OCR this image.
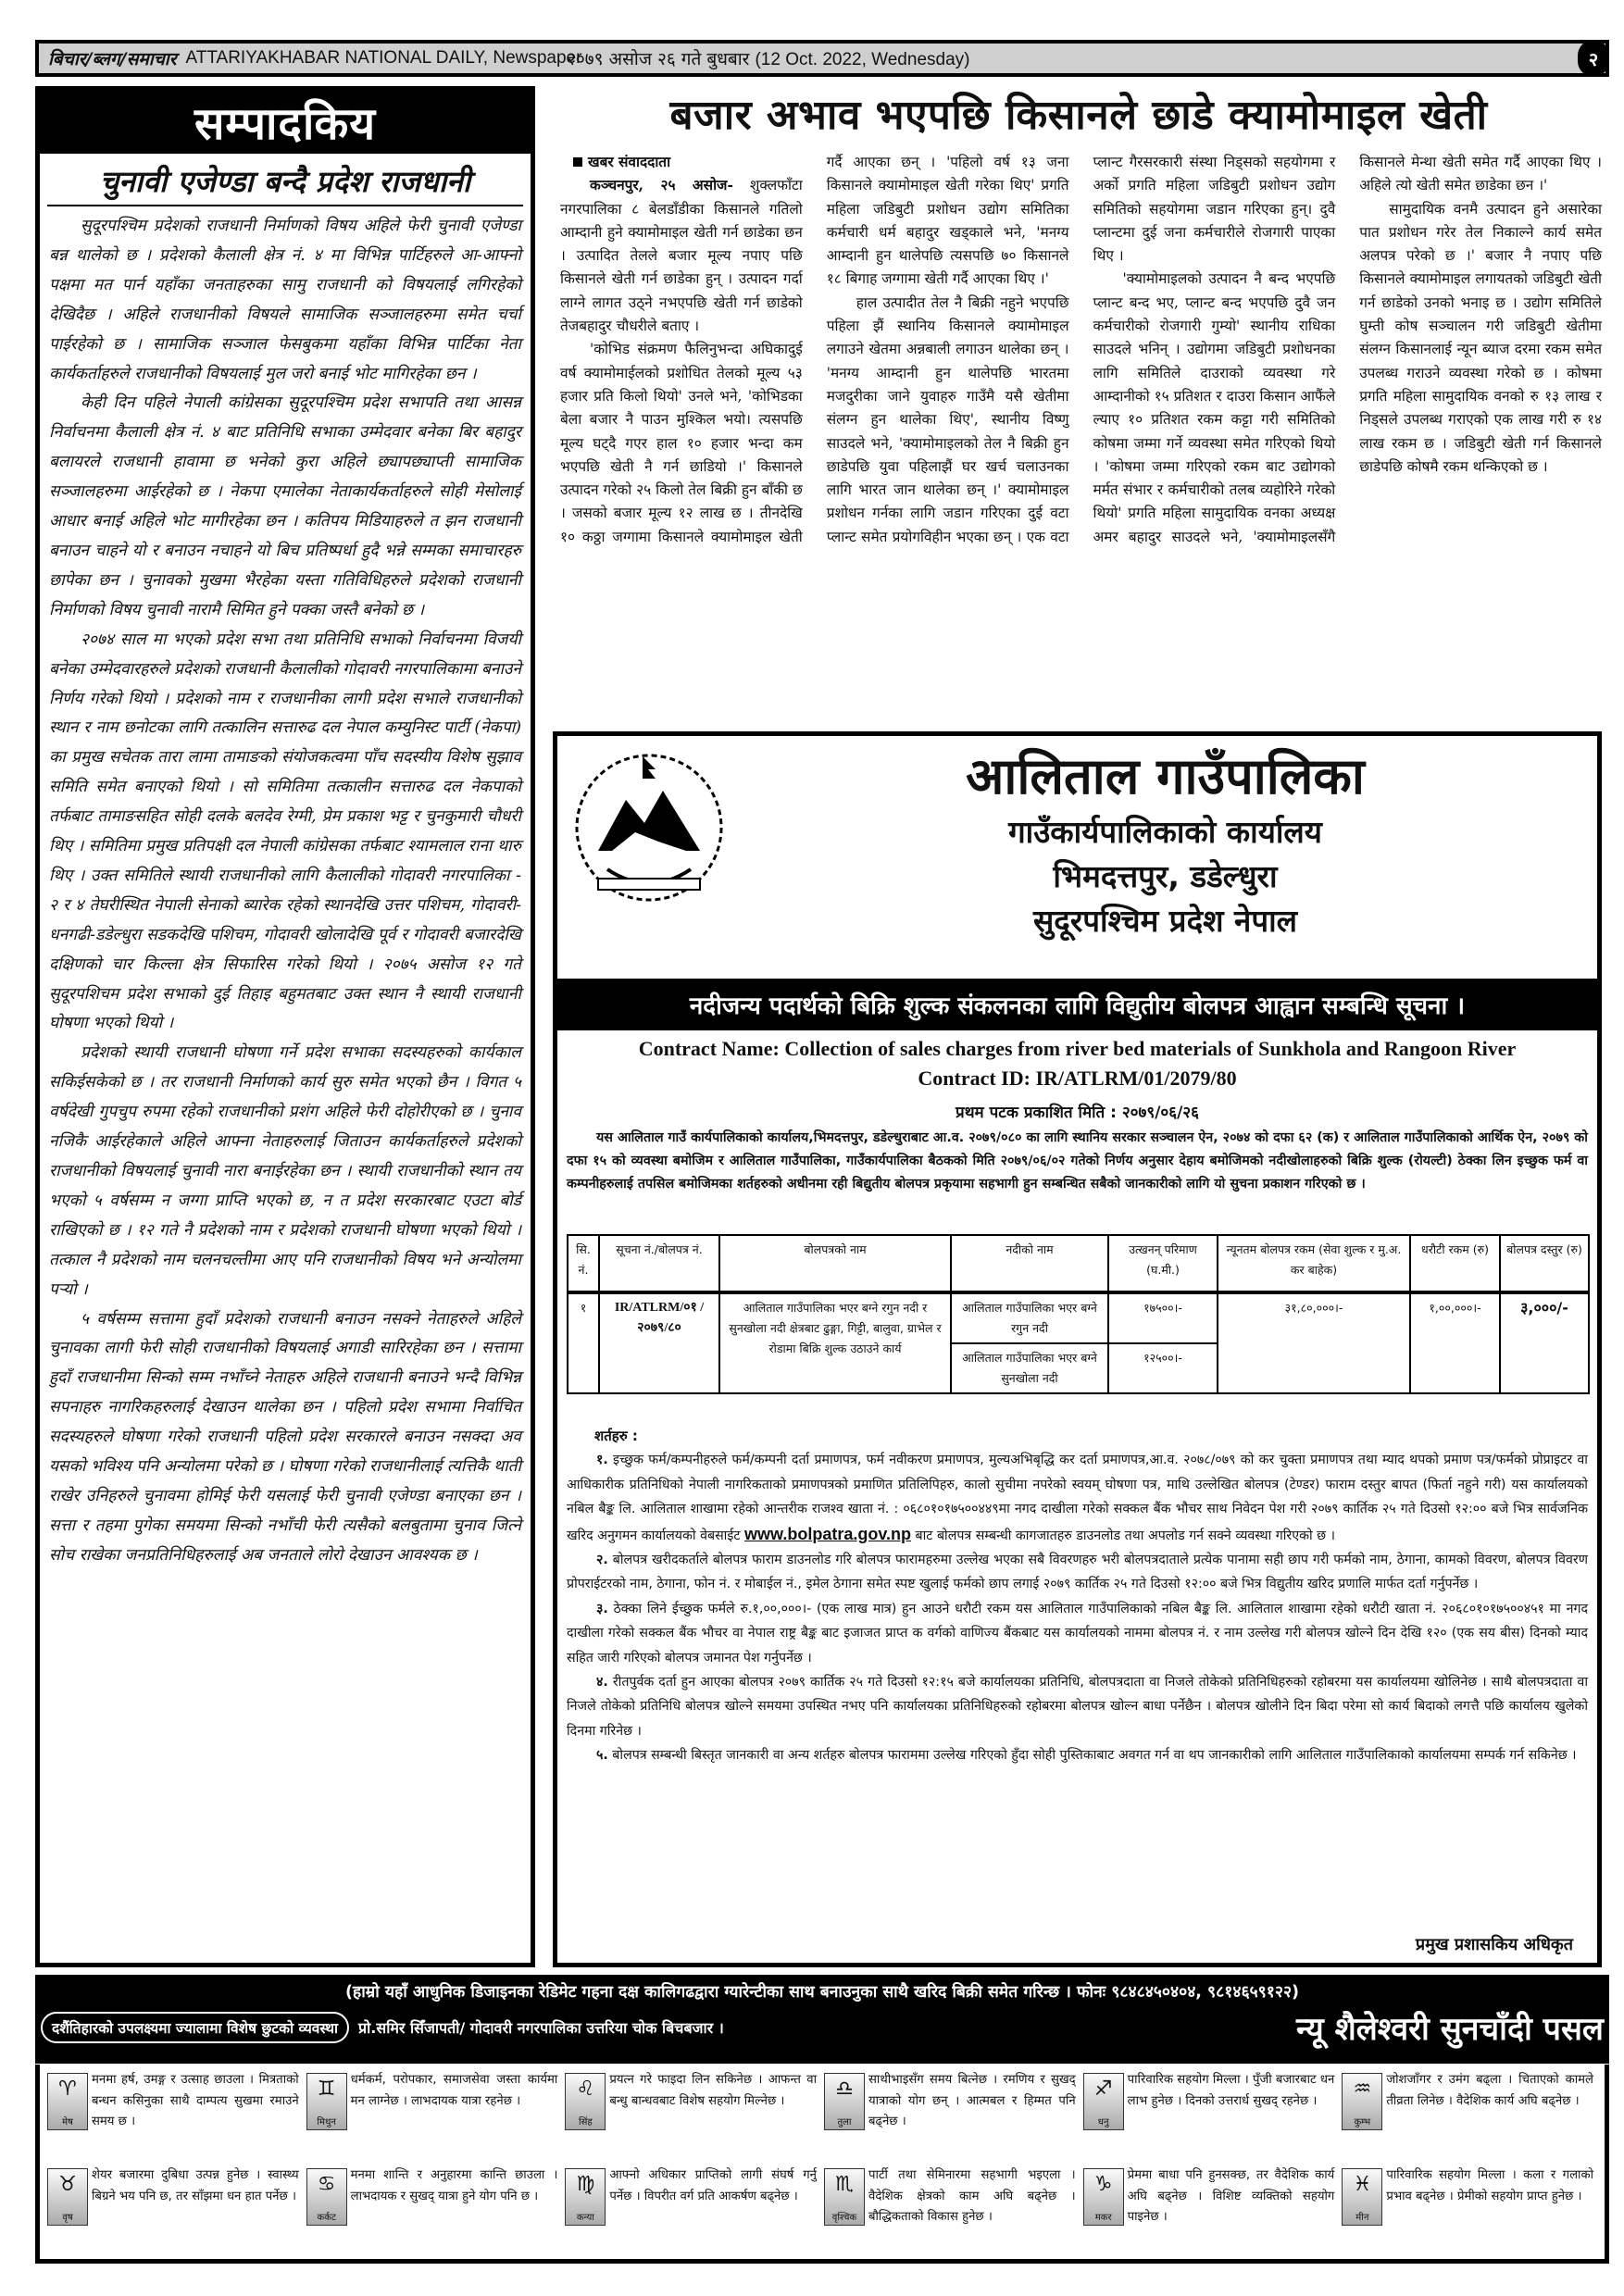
बिचार/ब्लग/समाचार ATTARIYAKHABAR NATIONAL DAILY, Newspaper
२०७९ असोज २६ गते बुधबार (12 Oct. 2022, Wednesday)	२
सम्पादकिय
चुनावी एजेण्डा बन्दै प्रदेश राजधानी

सुदूरपश्चिम प्रदेशको राजधानी निर्माणको विषय अहिले फेरी चुनावी एजेण्डा बन्न थालेको छ । प्रदेशको कैलाली क्षेत्र नं. ४ मा विभिन्न पार्टिहरुले आ-आफ्नो पक्षमा मत पार्न यहाँका जनताहरुका सामु राजधानी को विषयलाई लगिरहेको देखिदैछ । अहिले राजधानीको विषयले सामाजिक सञ्जालहरुमा समेत चर्चा पाईरहेको छ । सामाजिक सञ्जाल फेसबुकमा यहाँका विभिन्न पार्टिका नेता कार्यकर्ताहरुले राजधानीको विषयलाई मुल जरो बनाई भोट मागिरहेका छन ।

केही दिन पहिले नेपाली कांग्रेसका सुदूरपश्चिम प्रदेश सभापति तथा आसन्न निर्वाचनमा कैलाली क्षेत्र नं. ४ बाट प्रतिनिधि सभाका उम्मेदवार बनेका बिर बहादुर बलायरले राजधानी हावामा छ भनेको कुरा अहिले छ्यापछ्याप्ती सामाजिक सञ्जालहरुमा आईरहेको छ । नेकपा एमालेका नेताकार्यकर्ताहरुले सोही मेसोलाई आधार बनाई अहिले भोट मागीरहेका छन । कतिपय मिडियाहरुले त झन राजधानी बनाउन चाहने यो र बनाउन नचाहने यो बिच प्रतिष्पर्धा हुदै भन्ने सम्मका समाचारहरु छापेका छन । चुनावको मुखमा भैरहेका यस्ता गतिविधिहरुले प्रदेशको राजधानी निर्माणको विषय चुनावी नारामै सिमित हुने पक्का जस्तै बनेको छ ।

२०७४ साल मा भएको प्रदेश सभा तथा प्रतिनिधि सभाको निर्वाचनमा विजयी बनेका उम्मेदवारहरुले प्रदेशको राजधानी कैलालीको गोदावरी नगरपालिकामा बनाउने निर्णय गरेको थियो । प्रदेशको नाम र राजधानीका लागी प्रदेश सभाले राजधानीको स्थान र नाम छनोटका लागि तत्कालिन सत्तारुढ दल नेपाल कम्युनिस्ट पार्टी (नेकपा) का प्रमुख सचेतक तारा लामा तामाङको संयोजकत्वमा पाँच सदस्यीय विशेष सुझाव समिति समेत बनाएको थियो । सो समितिमा तत्कालीन सत्तारुढ दल नेकपाको तर्फबाट तामाङसहित सोही दलके बलदेव रेग्मी, प्रेम प्रकाश भट्ट र चुनकुमारी चौधरी थिए । समितिमा प्रमुख प्रतिपक्षी दल नेपाली कांग्रेसका तर्फबाट श्यामलाल राना थारु थिए । उक्त समितिले स्थायी राजधानीको लागि कैलालीको गोदावरी नगरपालिका - २ र ४ तेघरीस्थित नेपाली सेनाको ब्यारेक रहेको स्थानदेखि उत्तर पशिचम, गोदावरी-धनगढी-डडेल्धुरा सडकदेखि पशिचम, गोदावरी खोलादेखि पूर्व र गोदावरी बजारदेखि दक्षिणको चार किल्ला क्षेत्र सिफारिस गरेको थियो । २०७५ असोज १२ गते सुदूरपशिचम प्रदेश सभाको दुई तिहाइ बहुमतबाट उक्त स्थान नै स्थायी राजधानी घोषणा भएको थियो ।

प्रदेशको स्थायी राजधानी घोषणा गर्ने प्रदेश सभाका सदस्यहरुको कार्यकाल सकिईसकेको छ । तर राजधानी निर्माणको कार्य सुरु समेत भएको छैन । विगत ५ वर्षदेखी गुपचुप रुपमा रहेको राजधानीको प्रशंग अहिले फेरी दोहोरीएको छ । चुनाव नजिकै आईरहेकाले अहिले आफ्ना नेताहरुलाई जिताउन कार्यकर्ताहरुले प्रदेशको राजधानीको विषयलाई चुनावी नारा बनाईरहेका छन । स्थायी राजधानीको स्थान तय भएको ५ वर्षसम्म न जग्गा प्राप्ति भएको छ, न त प्रदेश सरकारबाट एउटा बोर्ड राखिएको छ । १२ गते नै प्रदेशको नाम र प्रदेशको राजधानी घोषणा भएको थियो । तत्काल नै प्रदेशको नाम चलनचल्तीमा आए पनि राजधानीको विषय भने अन्योलमा पर्‍यो ।

५ वर्षसम्म सत्तामा हुदाँ प्रदेशको राजधानी बनाउन नसक्ने नेताहरुले अहिले चुनावका लागी फेरी सोही राजधानीको विषयलाई अगाडी सारिरहेका छन । सत्तामा हुदाँ राजधानीमा सिन्को सम्म नभाँच्ने नेताहरु अहिले राजधानी बनाउने भन्दै विभिन्न सपनाहरु नागरिकहरुलाई देखाउन थालेका छन । पहिलो प्रदेश सभामा निर्वाचित सदस्यहरुले घोषणा गरेको राजधानी पहिलो प्रदेश सरकारले बनाउन नसक्दा अव यसको भविश्य पनि अन्योलमा परेको छ । घोषणा गरेको राजधानीलाई त्यत्तिकै थाती राखेर उनिहरुले चुनावमा होमिई फेरी यसलाई फेरी चुनावी एजेण्डा बनाएका छन । सत्ता र तहमा पुगेका समयमा सिन्को नभाँची फेरी त्यसैको बलबुतामा चुनाव जित्ने सोच राखेका जनप्रतिनिधिहरुलाई अब जनताले लोरो देखाउन आवश्यक छ ।

बजार अभाव भएपछि किसानले छाडे क्यामोमाइल खेती

खबर संवाददाता

कञ्चनपुर, २५ असोज- शुक्लफाँटा नगरपालिका ८ बेलडाँडीका किसानले गतिलो आम्दानी हुने क्यामोमाइल खेती गर्न छाडेका छन । उत्पादित तेलले बजार मूल्य नपाए पछि किसानले खेती गर्न छाडेका हुन् । उत्पादन गर्दा लाग्ने लागत उठ्ने नभएपछि खेती गर्न छाडेको तेजबहादुर चौधरीले बताए ।

'कोभिड संक्रमण फैलिनुभन्दा अघिकादुई वर्ष क्यामोमाईलको प्रशोधित तेलको मूल्य ५३ हजार प्रति किलो थियो' उनले भने, 'कोभिडका बेला बजार नै पाउन मुश्किल भयो। त्यसपछि मूल्य घट्दै गएर हाल १० हजार भन्दा कम भएपछि खेती नै गर्न छाडियो ।' किसानले उत्पादन गरेको २५ किलो तेल बिक्री हुन बाँकी छ । जसको बजार मूल्य १२ लाख छ । तीनदेखि १० कठ्ठा जग्गामा किसानले क्यामोमाइल खेती गर्दै आएका छन् । 'पहिलो वर्ष १३ जना किसानले क्यामोमाइल खेती गरेका थिए' प्रगति महिला जडिबुटी प्रशोधन उद्योग समितिका कर्मचारी धर्म बहादुर खड्काले भने, 'मनग्य आम्दानी हुन थालेपछि त्यसपछि ७० किसानले १८ बिगाह जग्गामा खेती गर्दै आएका थिए ।'

हाल उत्पादीत तेल नै बिक्री नहुने भएपछि पहिला झैं स्थानिय किसानले क्यामोमाइल लगाउने खेतमा अन्नबाली लगाउन थालेका छन् । 'मनग्य आम्दानी हुन थालेपछि भारतमा मजदुरीका जाने युवाहरु गाउँमै यसै खेतीमा संलग्न हुन थालेका थिए', स्थानीय विष्णु साउदले भने, 'क्यामोमाइलको तेल नै बिक्री हुन छाडेपछि युवा पहिलाझैं घर खर्च चलाउनका लागि भारत जान थालेका छन् ।' क्यामोमाइल प्रशोधन गर्नका लागि जडान गरिएका दुई वटा प्लान्ट समेत प्रयोगविहीन भएका छन् । एक वटा प्लान्ट गैरसरकारी संस्था निड्सको सहयोगमा र अर्को प्रगति महिला जडिबुटी प्रशोधन उद्योग समितिको सहयोगमा जडान गरिएका हुन्। दुवै प्लान्टमा दुई जना कर्मचारीले रोजगारी पाएका थिए ।

'क्यामोमाइलको उत्पादन नै बन्द भएपछि प्लान्ट बन्द भए, प्लान्ट बन्द भएपछि दुवै जन कर्मचारीको रोजगारी गुम्यो' स्थानीय राधिका साउदले भनिन् । उद्योगमा जडिबुटी प्रशोधनका लागि समितिले दाउराको व्यवस्था गरे आम्दानीको १५ प्रतिशत र दाउरा किसान आफैंले ल्याए १० प्रतिशत रकम कट्टा गरी समितिको कोषमा जम्मा गर्ने व्यवस्था समेत गरिएको थियो । 'कोषमा जम्मा गरिएको रकम बाट उद्योगको मर्मत संभार र कर्मचारीको तलब व्यहोरिने गरेको थियो' प्रगति महिला सामुदायिक वनका अध्यक्ष अमर बहादुर साउदले भने, 'क्यामोमाइलसँगै किसानले मेन्था खेती समेत गर्दै आएका थिए । अहिले त्यो खेती समेत छाडेका छन ।'

सामुदायिक वनमै उत्पादन हुने असारेका पात प्रशोधन गरेर तेल निकाल्ने कार्य समेत अलपत्र परेको छ ।' बजार नै नपाए पछि किसानले क्यामोमाइल लगायतको जडिबुटी खेती गर्न छाडेको उनको भनाइ छ । उद्योग समितिले घुम्ती कोष सञ्चालन गरी जडिबुटी खेतीमा संलग्न किसानलाई न्यून ब्याज दरमा रकम समेत उपलब्ध गराउने व्यवस्था गरेको छ । कोषमा प्रगति महिला सामुदायिक वनको रु १३ लाख र निड्सले उपलब्ध गराएको एक लाख गरी रु १४ लाख रकम छ । जडिबुटी खेती गर्न किसानले छाडेपछि कोषमै रकम थन्किएको छ ।

आलिताल गाउँपालिका
गाउँकार्यपालिकाको कार्यालय
भिमदत्तपुर, डडेल्धुरा
सुदूरपश्चिम प्रदेश नेपाल
नदीजन्य पदार्थको बिक्रि शुल्क संकलनका लागि विद्युतीय बोलपत्र आह्वान सम्बन्धि सूचना ।
Contract Name: Collection of sales charges from river bed materials of Sunkhola and Rangoon River
Contract ID: IR/ATLRM/01/2079/80
प्रथम पटक प्रकाशित मिति : २०७९/०६/२६

यस आलिताल गाउँ कार्यपालिकाको कार्यालय,भिमदत्तपुर, डडेल्धुराबाट आ.व. २०७९/०८० का लागि स्थानिय सरकार सञ्चालन ऐन, २०७४ को दफा ६२ (क) र आलिताल गाउँपालिकाको आर्थिक ऐन, २०७९ को दफा १५ को व्यवस्था बमोजिम र आलिताल गाउँपालिका, गाउँकार्यपालिका बैठकको मिति २०७९/०६/०२ गतेको निर्णय अनुसार देहाय बमोजिमको नदीखोलाहरुको बिक्रि शुल्क (रोयल्टी) ठेक्का लिन इच्छुक फर्म वा कम्पनीहरुलाई तपसिल बमोजिमका शर्तहरुको अधीनमा रही बिद्युतीय बोलपत्र प्रकृयामा सहभागी हुन सम्बन्धित सबैको जानकारीको लागि यो सुचना प्रकाशन गरिएको छ ।

सि. नं.	सूचना नं./बोलपत्र नं.	बोलपत्रको नाम	नदीको नाम	उत्खनन् परिमाण (घ.मी.)	न्यूनतम बोलपत्र रकम (सेवा शुल्क र मु.अ. कर बाहेक)	धरौटी रकम (रु)	बोलपत्र दस्तुर (रु)
१	IR/ATLRM/०१ /२०७९/८०	आलिताल गाउँपालिका भएर बग्ने रगुन नदी र सुनखोला नदी क्षेत्रबाट ढुङ्गा, गिट्टी, बालुवा, ग्राभेल र रोडामा बिक्रि शुल्क उठाउने कार्य	आलिताल गाउँपालिका भएर बग्ने रगुन नदी	१७५००।-	३१,८०,०००।-	१,००,०००।-	३,०००/-
			आलिताल गाउँपालिका भएर बग्ने सुनखोला नदी	१२५००।-			
शर्तहरु :

१. इच्छुक फर्म/कम्पनीहरुले फर्म/कम्पनी दर्ता प्रमाणपत्र, फर्म नवीकरण प्रमाणपत्र, मुल्यअभिबृद्धि कर दर्ता प्रमाणपत्र,आ.व. २०७८/०७९ को कर चुक्ता प्रमाणपत्र तथा म्याद थपको प्रमाण पत्र/फर्मको प्रोप्राइटर वा आधिकारीक प्रतिनिधिको नेपाली नागरिकताको प्रमाणपत्रको प्रमाणित प्रतिलिपिहरु, कालो सुचीमा नपरेको स्वयम् घोषणा पत्र, माथि उल्लेखित बोलपत्र (टेण्डर) फाराम दस्तुर बापत (फिर्ता नहुने गरी) यस कार्यालयको नबिल बैङ्क लि. आलिताल शाखामा रहेको आन्तरीक राजश्व खाता नं. : ०६८०१०१७५००४४९मा नगद दाखीला गरेको सक्कल बैंक भौचर साथ निवेदन पेश गरी २०७९ कार्तिक २५ गते दिउसो १२:०० बजे भित्र सार्वजनिक खरिद अनुगमन कार्यालयको वेबसाईट www.bolpatra.gov.np बाट बोलपत्र सम्बन्धी कागजातहरु डाउनलोड तथा अपलोड गर्न सक्ने व्यवस्था गरिएको छ ।

२. बोलपत्र खरीदकर्ताले बोलपत्र फाराम डाउनलोड गरि बोलपत्र फारामहरुमा उल्लेख भएका सबै विवरणहरु भरी बोलपत्रदाताले प्रत्येक पानामा सही छाप गरी फर्मको नाम, ठेगाना, कामको विवरण, बोलपत्र विवरण प्रोपराईटरको नाम, ठेगाना, फोन नं. र मोबाईल नं., इमेल ठेगाना समेत स्पष्ट खुलाई फर्मको छाप लगाई २०७९ कार्तिक २५ गते दिउसो १२:०० बजे भित्र विद्युतीय खरिद प्रणालि मार्फत दर्ता गर्नुपर्नेछ ।

३. ठेक्का लिने ईच्छुक फर्मले रु.१,००,०००।- (एक लाख मात्र) हुन आउने धरौटी रकम यस आलिताल गाउँपालिकाको नबिल बैङ्क लि. आलिताल शाखामा रहेको धरौटी खाता नं. २०६८०१०१७५००४५१ मा नगद दाखीला गरेको सक्कल बैंक भौचर वा नेपाल राष्ट्र बैङ्क बाट इजाजत प्राप्त क वर्गको वाणिज्य बैंकबाट यस कार्यालयको नाममा बोलपत्र नं. र नाम उल्लेख गरी बोलपत्र खोल्ने दिन देखि १२० (एक सय बीस) दिनको म्याद सहित जारी गरिएको बोलपत्र जमानत पेश गर्नुपर्नेछ ।

४. रीतपुर्वक दर्ता हुन आएका बोलपत्र २०७९ कार्तिक २५ गते दिउसो १२:१५ बजे कार्यालयका प्रतिनिधि, बोलपत्रदाता वा निजले तोकेको प्रतिनिधिहरुको रहोबरमा यस कार्यालयमा खोलिनेछ । साथै बोलपत्रदाता वा निजले तोकेको प्रतिनिधि बोलपत्र खोल्ने समयमा उपस्थित नभए पनि कार्यालयका प्रतिनिधिहरुको रहोबरमा बोलपत्र खोल्न बाधा पर्नेछैन । बोलपत्र खोलीने दिन बिदा परेमा सो कार्य बिदाको लगत्तै पछि कार्यालय खुलेको दिनमा गरिनेछ ।

५. बोलपत्र सम्बन्धी बिस्तृत जानकारी वा अन्य शर्तहरु बोलपत्र फाराममा उल्लेख गरिएको हुँदा सोही पुस्तिकाबाट अवगत गर्न वा थप जानकारीको लागि आलिताल गाउँपालिकाको कार्यालयमा सम्पर्क गर्न सकिनेछ ।

प्रमुख प्रशासकिय अधिकृत
(हाम्रो यहाँ आधुनिक डिजाइनका रेडिमेट गहना दक्ष कालिगढद्वारा ग्यारेन्टीका साथ बनाउनुका साथै खरिद बिक्री समेत गरिन्छ । फोनः ९८४८४५०४०४, ९८१४६५९१२२)
दशैंतिहारको उपलक्ष्यमा ज्यालामा विशेष छुटको व्यवस्था	प्रो.समिर सिँजापती/ गोदावरी नगरपालिका उत्तरिया चोक बिचबजार ।	न्यू शैलेश्वरी सुनचाँदी पसल
♈
मेष
मनमा हर्ष, उमङ्ग र उत्साह छाउला । मित्रताको बन्धन कसिनुका साथै दाम्पत्य सुखमा रमाउने समय छ ।
♊
मिथुन
धर्मकर्म, परोपकार, समाजसेवा जस्ता कार्यमा मन लाग्नेछ । लाभदायक यात्रा रहनेछ ।	♌
सिंह
प्रयत्न गरे फाइदा लिन सकिनेछ । आफन्त वा बन्धु बान्धवबाट विशेष सहयोग मिल्नेछ ।	♎
तुला
साथीभाइसँग समय बित्नेछ । रमणिय र सुखद् यात्राको योग छन् । आत्मबल र हिम्मत पनि बढ्नेछ ।
♐
धनु
पारिवारिक सहयोग मिल्ला । पुँजी बजारबाट धन लाभ हुनेछ । दिनको उत्तरार्ध सुखद् रहनेछ ।	♒
कुम्भ
जोशजाँगर र उमंग बढ्ला । चिताएको कामले तीव्रता लिनेछ । वैदेशिक कार्य अघि बढ्नेछ ।
♉
वृष
शेयर बजारमा दुबिधा उत्पन्न हुनेछ । स्वास्थ्य बिग्रने भय पनि छ, तर साँझमा धन हात पर्नेछ । ♋
कर्कट
मनमा शान्ति र अनुहारमा कान्ति छाउला । लाभदायक र सुखद् यात्रा हुने योग पनि छ ।	♍
कन्या
आफ्नो अधिकार प्राप्तिको लागी संघर्ष गर्नु पर्नेछ । विपरीत वर्ग प्रति आकर्षण बढ्नेछ ।	♏
वृश्चिक
पार्टी तथा सेमिनारमा सहभागी भइएला । वैदेशिक क्षेत्रको काम अघि बढ्नेछ । बौद्धिकताको विकास हुनेछ ।
♑
मकर
प्रेममा बाधा पनि हुनसक्छ, तर वैदेशिक कार्य अघि बढ्नेछ । विशिष्ट व्यक्तिको सहयोग पाइनेछ ।
♓
मीन
पारिवारिक सहयोग मिल्ला । कला र गलाको प्रभाव बढ्नेछ । प्रेमीको सहयोग प्राप्त हुनेछ ।
